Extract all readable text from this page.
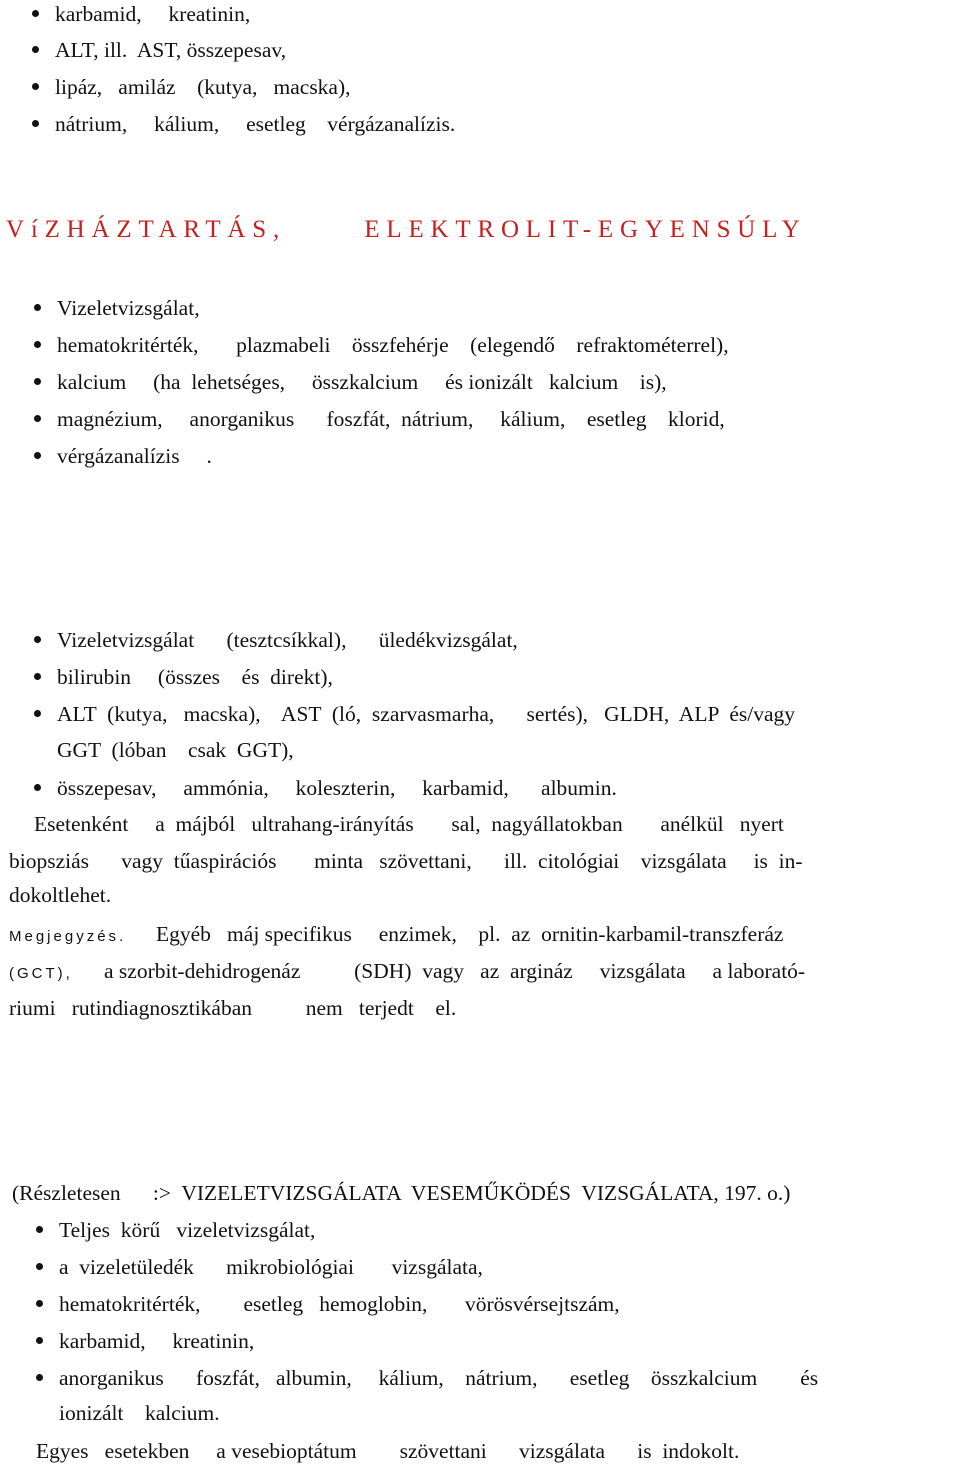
karbamid,     kreatinin,
ALT, ill.  AST, összepesav,
lipáz,   amiláz    (kutya,   macska),
nátrium,     kálium,     esetleg    vérgázanalízis.
VíZHÁZTARTÁS,      ELEKTROLIT-EGYENSÚLY
Vizeletvizsgálat,
hematokritérték,       plazmabeli    összfehérje    (elegendő    refraktométerrel),
kalcium     (ha  lehetséges,     összkalcium     és ionizált   kalcium    is),
magnézium,     anorganikus      foszfát,  nátrium,     kálium,    esetleg    klorid,
vérgázanalízis     .
Vizeletvizsgálat      (tesztcsíkkal),      üledékvizsgálat,
bilirubin     (összes    és  direkt),
ALT  (kutya,   macska),    AST  (ló,  szarvasmarha,      sertés),   GLDH,  ALP  és/vagy
GGT  (lóban    csak  GGT),
összepesav,     ammónia,     koleszterin,     karbamid,      albumin.
Esetenként     a  májból   ultrahang-irányítás       sal,  nagyállatokban       anélkül   nyert
biopsziás      vagy  tűaspirációs       minta   szövettani,      ill.  citológiai    vizsgálata     is  in-
dokoltlehet.
Megjegyzés. Egyéb   máj specifikus     enzimek,    pl.  az  ornitin-karbamil-transzferáz
(GCT), a szorbit-dehidrogenáz          (SDH)  vagy   az  argináz     vizsgálata     a laborató-
riumi   rutindiagnosztikában          nem   terjedt    el.
(Részletesen      :>  VIZELETVIZSGÁLATA  VESEMŰKÖDÉS  VIZSGÁLATA, 197. o.)
Teljes  körű   vizeletvizsgálat,
a  vizeletüledék      mikrobiológiai       vizsgálata,
hematokritérték,        esetleg   hemoglobin,       vörösvérsejtszám,
karbamid,     kreatinin,
anorganikus      foszfát,   albumin,     kálium,    nátrium,      esetleg    összkalcium        és
ionizált    kalcium.
Egyes   esetekben     a vesebioptátum        szövettani      vizsgálata      is  indokolt.
